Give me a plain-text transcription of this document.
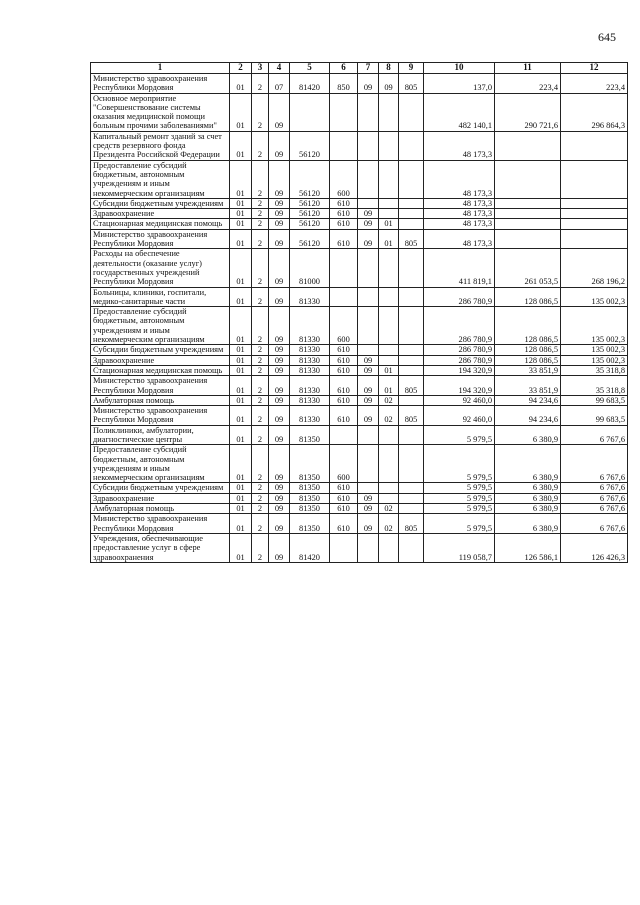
645
1	2	3	4	5	6	7	8	9	10	11	12
Министерство здравоохранения Республики Мордовия	01	2	07	81420	850	09	09	805	137,0	223,4	223,4
Основное мероприятие "Совершенствование системы оказания медицинской помощи больным прочими заболеваниями"	01	2	09						482 140,1	290 721,6	296 864,3
Капитальный ремонт зданий за счет средств резервного фонда Президента Российской Федерации	01	2	09	56120					48 173,3		
Предоставление субсидий бюджетным, автономным учреждениям и иным некоммерческим организациям	01	2	09	56120	600				48 173,3		
Субсидии бюджетным учреждениям	01	2	09	56120	610				48 173,3		
Здравоохранение	01	2	09	56120	610	09			48 173,3		
Стационарная медицинская помощь	01	2	09	56120	610	09	01		48 173,3		
Министерство здравоохранения Республики Мордовия	01	2	09	56120	610	09	01	805	48 173,3		
Расходы на обеспечение деятельности (оказание услуг) государственных учреждений Республики Мордовия	01	2	09	81000					411 819,1	261 053,5	268 196,2
Больницы, клиники, госпитали, медико-санитарные части	01	2	09	81330					286 780,9	128 086,5	135 002,3
Предоставление субсидий бюджетным, автономным учреждениям и иным некоммерческим организациям	01	2	09	81330	600				286 780,9	128 086,5	135 002,3
Субсидии бюджетным учреждениям	01	2	09	81330	610				286 780,9	128 086,5	135 002,3
Здравоохранение	01	2	09	81330	610	09			286 780,9	128 086,5	135 002,3
Стационарная медицинская помощь	01	2	09	81330	610	09	01		194 320,9	33 851,9	35 318,8
Министерство здравоохранения Республики Мордовия	01	2	09	81330	610	09	01	805	194 320,9	33 851,9	35 318,8
Амбулаторная помощь	01	2	09	81330	610	09	02		92 460,0	94 234,6	99 683,5
Министерство здравоохранения Республики Мордовия	01	2	09	81330	610	09	02	805	92 460,0	94 234,6	99 683,5
Поликлиники, амбулатории, диагностические центры	01	2	09	81350					5 979,5	6 380,9	6 767,6
Предоставление субсидий бюджетным, автономным учреждениям и иным некоммерческим организациям	01	2	09	81350	600				5 979,5	6 380,9	6 767,6
Субсидии бюджетным учреждениям	01	2	09	81350	610				5 979,5	6 380,9	6 767,6
Здравоохранение	01	2	09	81350	610	09			5 979,5	6 380,9	6 767,6
Амбулаторная помощь	01	2	09	81350	610	09	02		5 979,5	6 380,9	6 767,6
Министерство здравоохранения Республики Мордовия	01	2	09	81350	610	09	02	805	5 979,5	6 380,9	6 767,6
Учреждения, обеспечивающие предоставление услуг в сфере здравоохранения	01	2	09	81420					119 058,7	126 586,1	126 426,3
